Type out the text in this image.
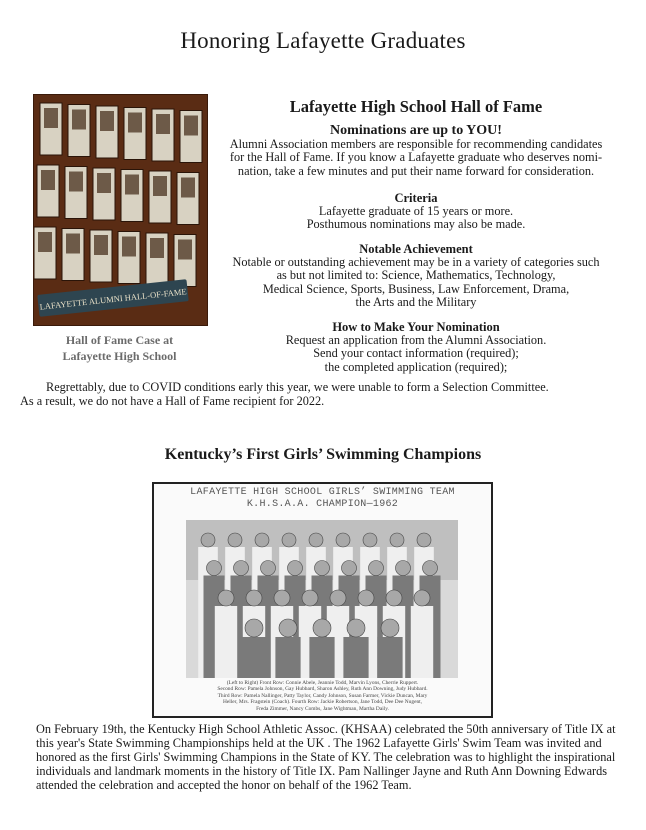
Honoring Lafayette Graduates
LAFAYETTE ALUMNI HALL-OF-FAME
Hall of Fame Case at
Lafayette High School
Lafayette High School Hall of Fame
Nominations are up to YOU!

Alumni Association members are responsible for recommending candidates

for the Hall of Fame. If you know a Lafayette graduate who deserves nomi-

nation, take a few minutes and put their name forward for consideration.

Criteria

Lafayette graduate of 15 years or more.

Posthumous nominations may also be made.

Notable Achievement

Notable or outstanding achievement may be in a variety of categories such

as but not limited to: Science, Mathematics, Technology,

Medical Science, Sports, Business, Law Enforcement, Drama,

the Arts and the Military

How to Make Your Nomination

Request an application from the Alumni Association.

Send your contact information (required);

the completed application (required);

Regrettably, due to COVID conditions early this year, we were unable to form a Selection Committee.

As a result, we do not have a Hall of Fame recipient for 2022.

Kentucky’s First Girls’ Swimming Champions
LAFAYETTE HIGH SCHOOL GIRLS’ SWIMMING TEAM
K.H.S.A.A. CHAMPION—1962
(Left to Right) Front Row: Connie Abele, Jeannie Todd, Marvin Lyons, Cherrie Ruppert.
Second Row: Pamela Johnson, Gay Hubbard, Sharon Ashley, Ruth Ann Downing, Judy Hubbard.
Third Row: Pamela Nallinger, Patty Taylor, Candy Johnson, Susan Farmer, Vickie Duncan, Mary
Heller, Mrs. Fragstein (Coach). Fourth Row: Jackie Robertson, Jane Todd, Dee Dee Nugent,
Freda Zimmer, Nancy Combs, Jane Wightman, Martha Daily.
On February 19th, the Kentucky High School Athletic Assoc. (KHSAA) celebrated the 50th anniversary of Title IX at
this year's State Swimming Championships held at the UK . The 1962 Lafayette Girls' Swim Team was invited and
honored as the first Girls' Swimming Champions in the State of KY. The celebration was to highlight the inspirational
individuals and landmark moments in the history of Title IX. Pam Nallinger Jayne and Ruth Ann Downing Edwards
attended the celebration and accepted the honor on behalf of the 1962 Team.
